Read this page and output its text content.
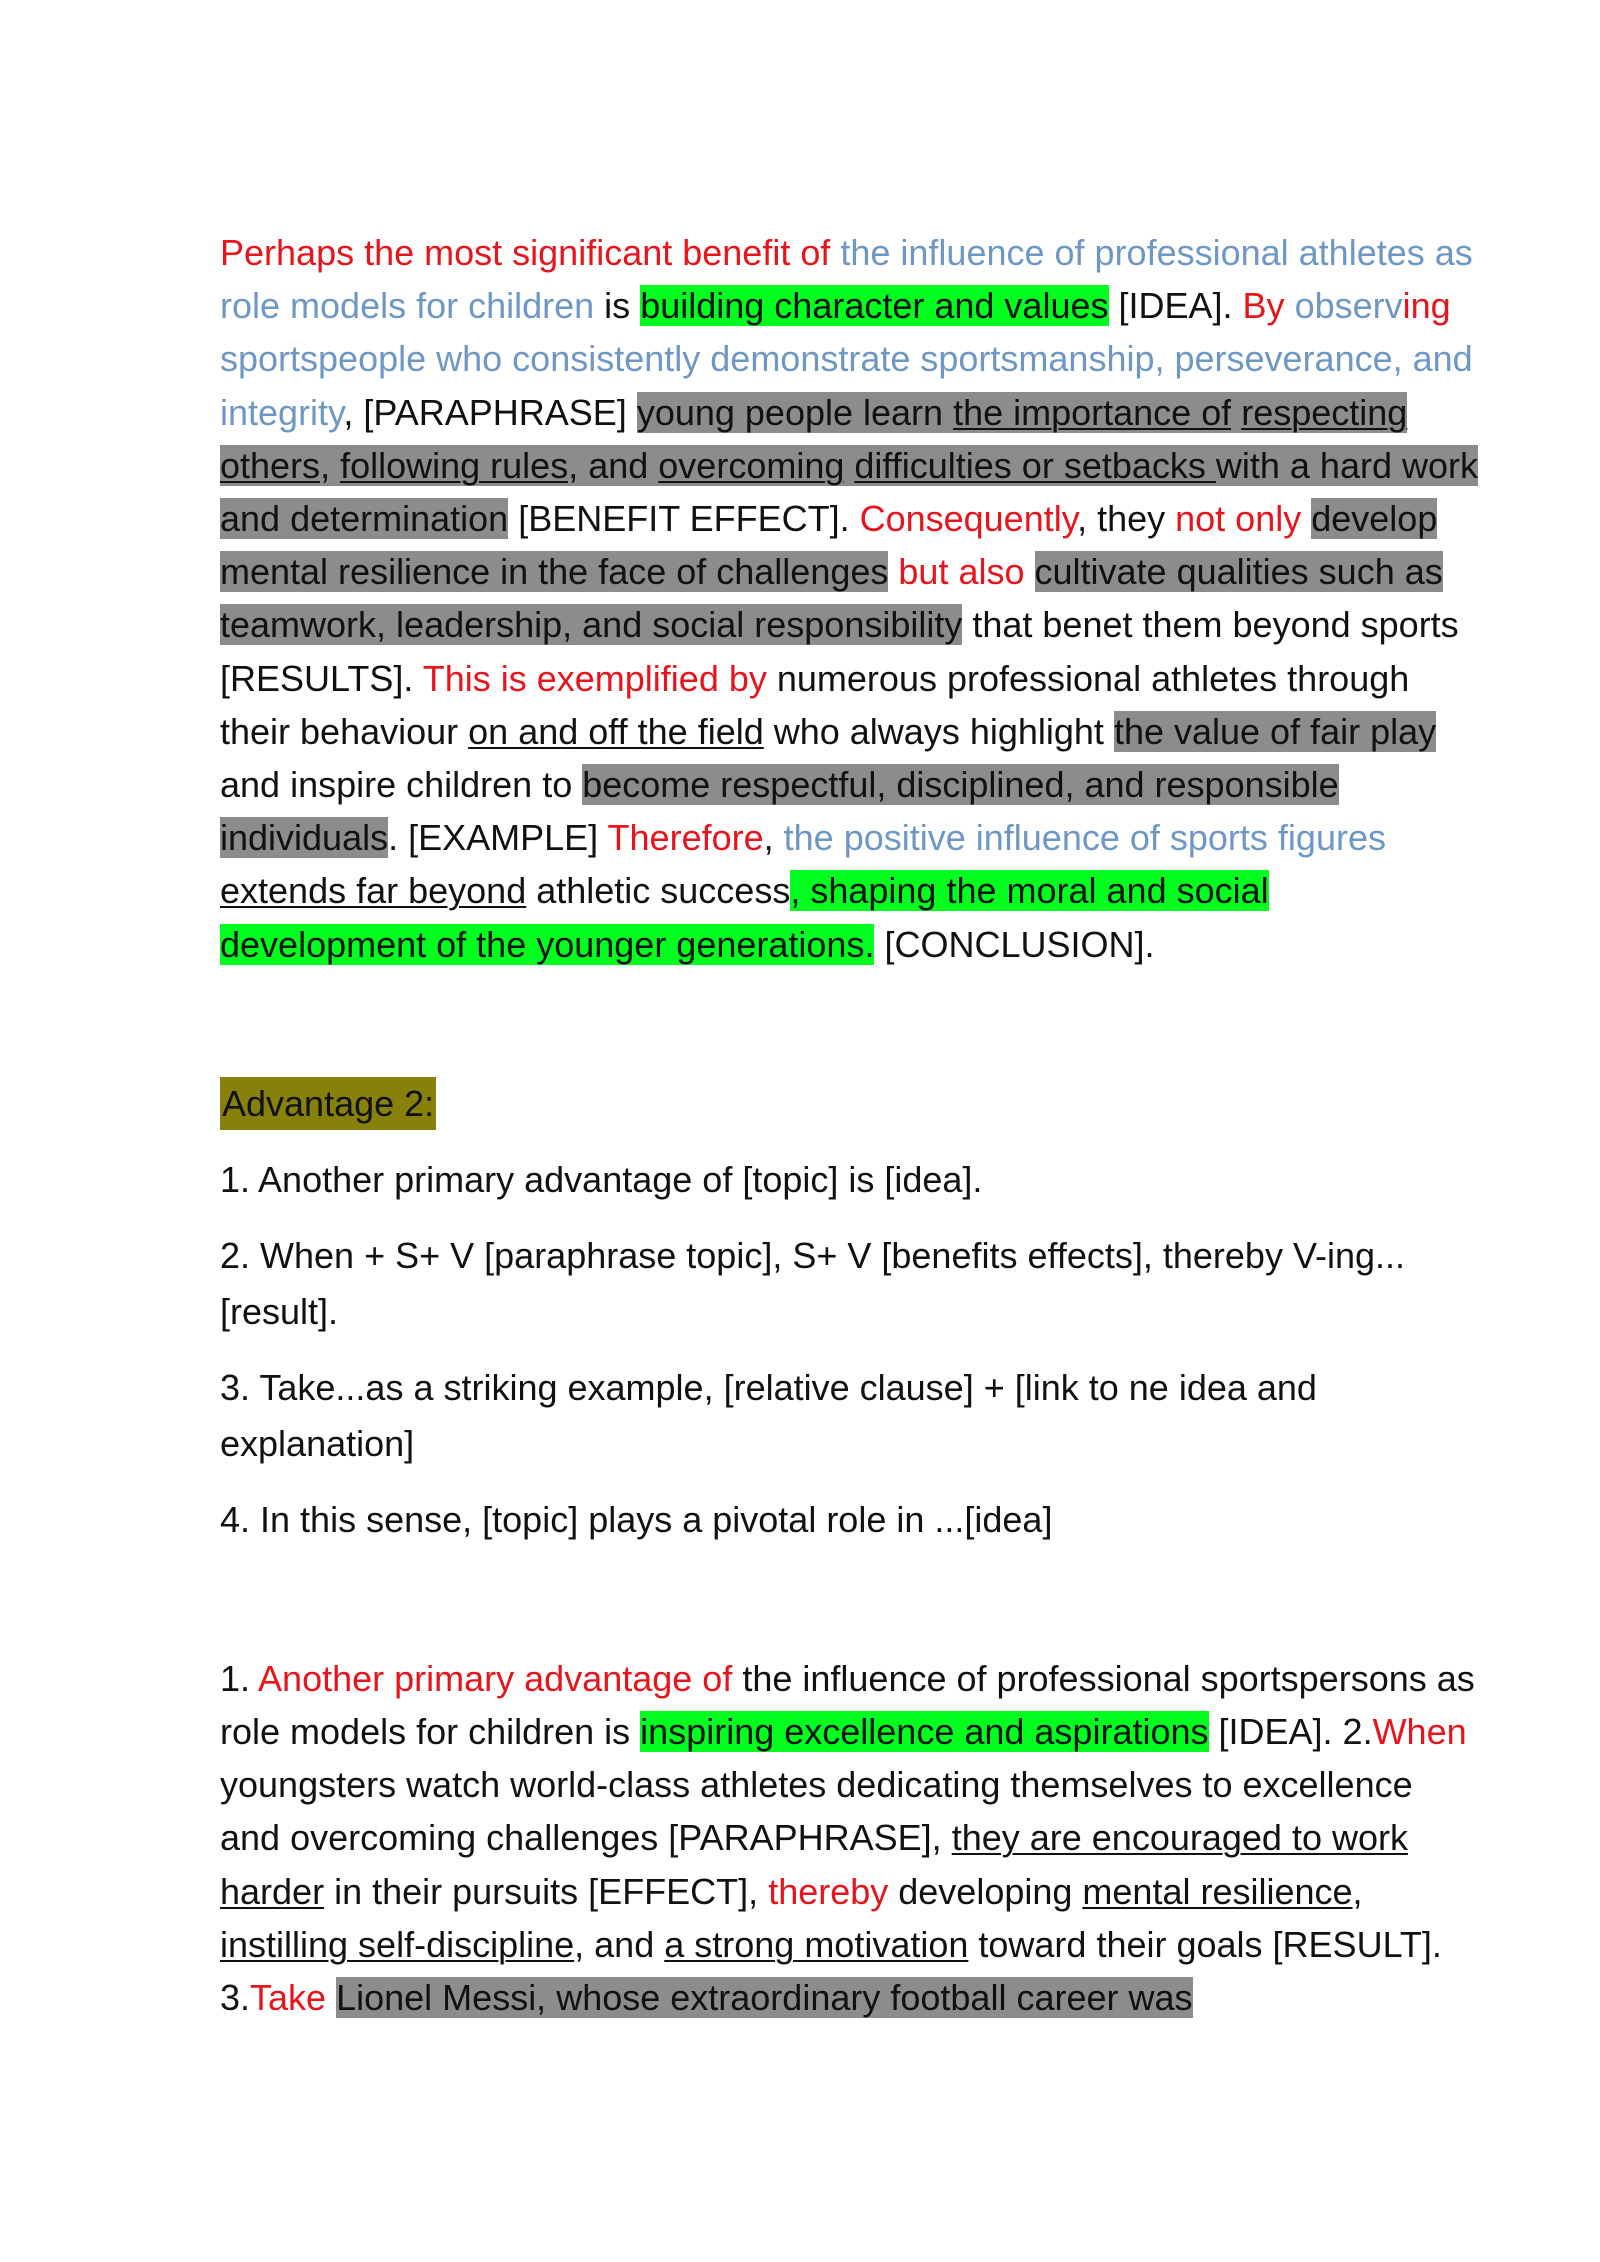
Perhaps the most significant benefit of the influence of professional athletes as role models for children is building character and values [IDEA]. By observing sportspeople who consistently demonstrate sportsmanship, perseverance, and integrity, [PARAPHRASE] young people learn the importance of respecting others, following rules, and overcoming difficulties or setbacks with a hard work and determination [BENEFIT EFFECT]. Consequently, they not only develop mental resilience in the face of challenges but also cultivate qualities such as teamwork, leadership, and social responsibility that benet them beyond sports [RESULTS]. This is exemplified by numerous professional athletes through their behaviour on and off the field who always highlight the value of fair play and inspire children to become respectful, disciplined, and responsible individuals. [EXAMPLE] Therefore, the positive influence of sports figures extends far beyond athletic success, shaping the moral and social development of the younger generations. [CONCLUSION].

Advantage 2:

1. Another primary advantage of [topic] is [idea].

2. When + S+ V [paraphrase topic], S+ V [benefits effects], thereby V-ing...[result].

3. Take...as a striking example, [relative clause] + [link to ne idea and explanation]

4. In this sense, [topic] plays a pivotal role in ...[idea]

1. Another primary advantage of the influence of professional sportspersons as role models for children is inspiring excellence and aspirations [IDEA]. 2.When youngsters watch world-class athletes dedicating themselves to excellence and overcoming challenges [PARAPHRASE], they are encouraged to work harder in their pursuits [EFFECT], thereby developing mental resilience, instilling self-discipline, and a strong motivation toward their goals [RESULT]. 3.Take Lionel Messi, whose extraordinary football career was
